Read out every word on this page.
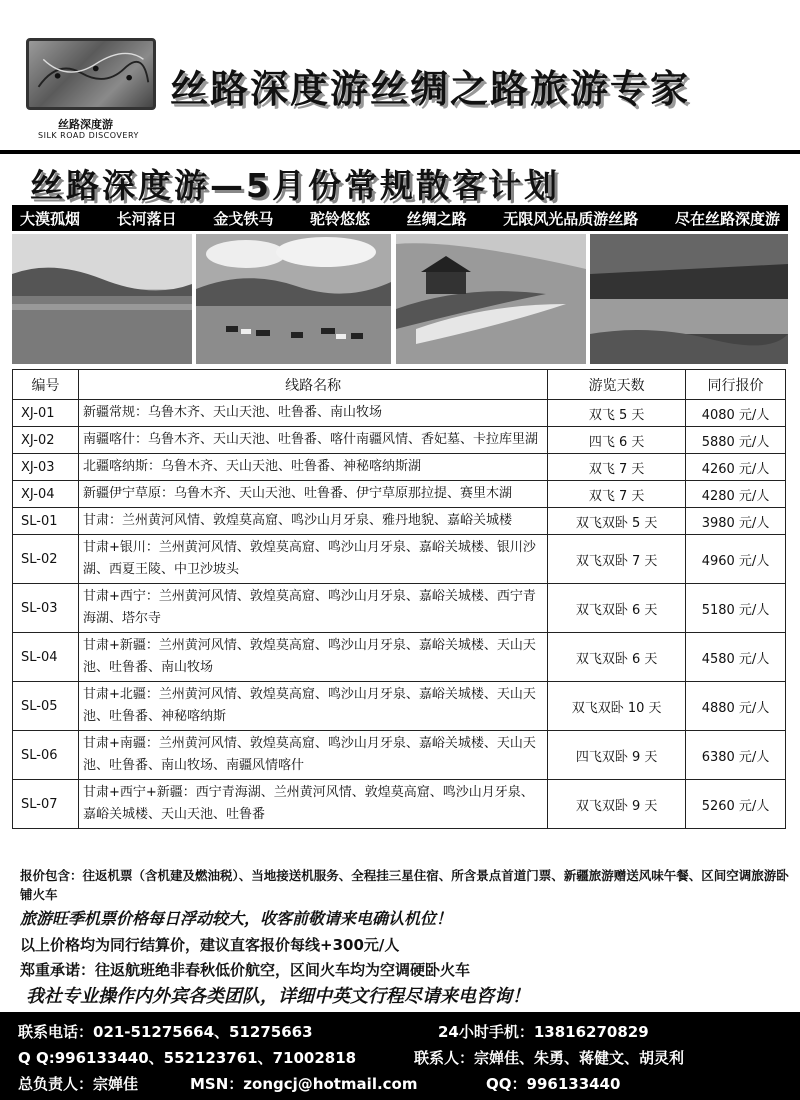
丝路深度游
SILK ROAD DISCOVERY
丝路深度游丝绸之路旅游专家
丝路深度游—5月份常规散客计划
大漠孤烟 长河落日 金戈铁马 驼铃悠悠 丝绸之路 无限风光品质游丝路 尽在丝路深度游
编号	线路名称	游览天数	同行报价
XJ-01	新疆常规：乌鲁木齐、天山天池、吐鲁番、南山牧场	双飞 5 天	4080 元/人
XJ-02	南疆喀什：乌鲁木齐、天山天池、吐鲁番、喀什南疆风情、香妃墓、卡拉库里湖	四飞 6 天	5880 元/人
XJ-03	北疆喀纳斯：乌鲁木齐、天山天池、吐鲁番、神秘喀纳斯湖	双飞 7 天	4260 元/人
XJ-04	新疆伊宁草原：乌鲁木齐、天山天池、吐鲁番、伊宁草原那拉提、赛里木湖	双飞 7 天	4280 元/人
SL-01	甘肃：兰州黄河风情、敦煌莫高窟、鸣沙山月牙泉、雅丹地貌、嘉峪关城楼	双飞双卧 5 天	3980 元/人
SL-02	甘肃+银川：兰州黄河风情、敦煌莫高窟、鸣沙山月牙泉、嘉峪关城楼、银川沙湖、西夏王陵、中卫沙坡头	双飞双卧 7 天	4960 元/人
SL-03	甘肃+西宁：兰州黄河风情、敦煌莫高窟、鸣沙山月牙泉、嘉峪关城楼、西宁青海湖、塔尔寺	双飞双卧 6 天	5180 元/人
SL-04	甘肃+新疆：兰州黄河风情、敦煌莫高窟、鸣沙山月牙泉、嘉峪关城楼、天山天池、吐鲁番、南山牧场	双飞双卧 6 天	4580 元/人
SL-05	甘肃+北疆：兰州黄河风情、敦煌莫高窟、鸣沙山月牙泉、嘉峪关城楼、天山天池、吐鲁番、神秘喀纳斯	双飞双卧 10 天	4880 元/人
SL-06	甘肃+南疆：兰州黄河风情、敦煌莫高窟、鸣沙山月牙泉、嘉峪关城楼、天山天池、吐鲁番、南山牧场、南疆风情喀什	四飞双卧 9 天	6380 元/人
SL-07	甘肃+西宁+新疆：西宁青海湖、兰州黄河风情、敦煌莫高窟、鸣沙山月牙泉、嘉峪关城楼、天山天池、吐鲁番	双飞双卧 9 天	5260 元/人
报价包含：往返机票（含机建及燃油税）、当地接送机服务、全程挂三星住宿、所含景点首道门票、新疆旅游赠送风味午餐、区间空调旅游卧铺火车
旅游旺季机票价格每日浮动较大，收客前敬请来电确认机位！
以上价格均为同行结算价，建议直客报价每线+300元/人
郑重承诺：往返航班绝非春秋低价航空，区间火车均为空调硬卧火车
我社专业操作内外宾各类团队，详细中英文行程尽请来电咨询！
联系电话：021-51275664、51275663	24小时手机：13816270829
Q Q:996133440、552123761、71002818	联系人：宗婵佳、朱勇、蒋健文、胡灵利
总负责人：宗婵佳	MSN：zongcj@hotmail.com	QQ：996133440
